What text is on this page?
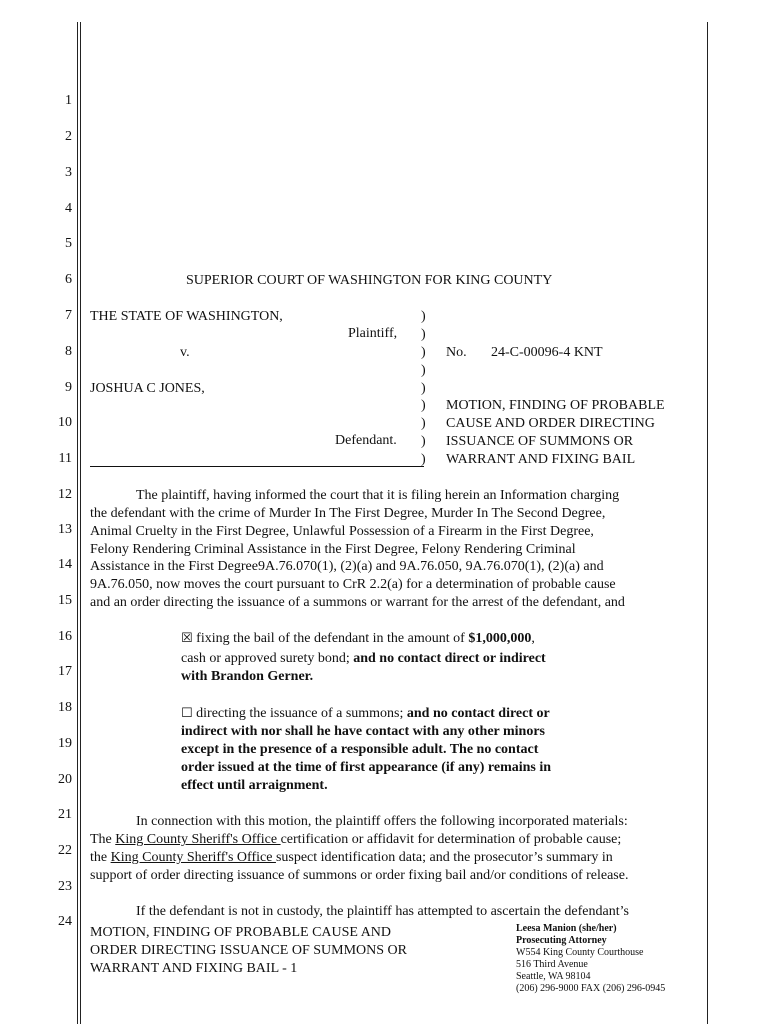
1
2
3
4
5
6
7
8
9
10
11
12
13
14
15
16
17
18
19
20
21
22
23
24
SUPERIOR COURT OF WASHINGTON FOR KING COUNTY
THE STATE OF WASHINGTON,
Plaintiff,
v.
JOSHUA C JONES,
Defendant.
)
)
)
)
)
)
)
)
)
No. 24-C-00096-4 KNT
MOTION, FINDING OF PROBABLE
CAUSE AND ORDER DIRECTING
ISSUANCE OF SUMMONS OR
WARRANT AND FIXING BAIL
The plaintiff, having informed the court that it is filing herein an Information charging
the defendant with the crime of Murder In The First Degree, Murder In The Second Degree,
Animal Cruelty in the First Degree, Unlawful Possession of a Firearm in the First Degree,
Felony Rendering Criminal Assistance in the First Degree, Felony Rendering Criminal
Assistance in the First Degree9A.76.070(1), (2)(a) and 9A.76.050, 9A.76.070(1), (2)(a) and
9A.76.050, now moves the court pursuant to CrR 2.2(a) for a determination of probable cause
and an order directing the issuance of a summons or warrant for the arrest of the defendant, and
☒ fixing the bail of the defendant in the amount of $1,000,000,
cash or approved surety bond; and no contact direct or indirect
with Brandon Gerner.
☐ directing the issuance of a summons; and no contact direct or
indirect with nor shall he have contact with any other minors
except in the presence of a responsible adult. The no contact
order issued at the time of first appearance (if any) remains in
effect until arraignment.
In connection with this motion, the plaintiff offers the following incorporated materials:
The King County Sheriff's Office certification or affidavit for determination of probable cause;
the King County Sheriff's Office suspect identification data; and the prosecutor’s summary in
support of order directing issuance of summons or order fixing bail and/or conditions of release.
If the defendant is not in custody, the plaintiff has attempted to ascertain the defendant’s
MOTION, FINDING OF PROBABLE CAUSE AND
ORDER DIRECTING ISSUANCE OF SUMMONS OR
WARRANT AND FIXING BAIL - 1
Leesa Manion (she/her)
Prosecuting Attorney
W554 King County Courthouse
516 Third Avenue
Seattle, WA 98104
(206) 296-9000 FAX (206) 296-0945
